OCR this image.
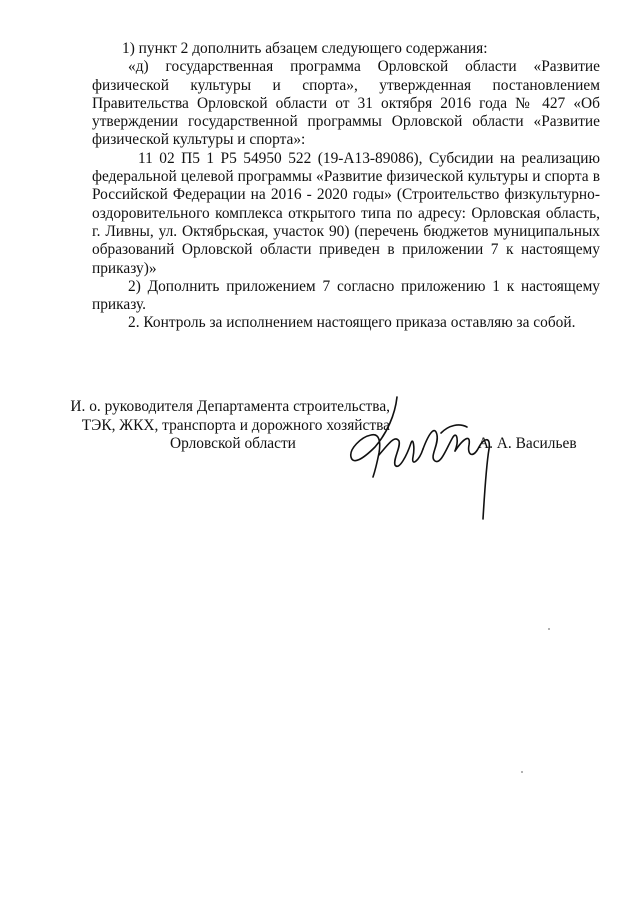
1) пункт 2 дополнить абзацем следующего содержания:

«д) государственная программа Орловской области «Развитие физической культуры и спорта», утвержденная постановлением Правительства Орловской области от 31 октября 2016 года № 427 «Об утверждении государственной программы Орловской области «Развитие физической культуры и спорта»:

11 02 П5 1 Р5 54950 522 (19-А13-89086), Субсидии на реализацию федеральной целевой программы «Развитие физической культуры и спорта в Российской Федерации на 2016 - 2020 годы» (Строительство физкультурно-оздоровительного комплекса открытого типа по адресу: Орловская область, г. Ливны, ул. Октябрьская, участок 90) (перечень бюджетов муниципальных образований Орловской области приведен в приложении 7 к настоящему приказу)»

2) Дополнить приложением 7 согласно приложению 1 к настоящему приказу.

2. Контроль за исполнением настоящего приказа оставляю за собой.

И. о. руководителя Департамента строительства,
ТЭК, ЖКХ, транспорта и дорожного хозяйства
Орловской области	А. А. Васильев
